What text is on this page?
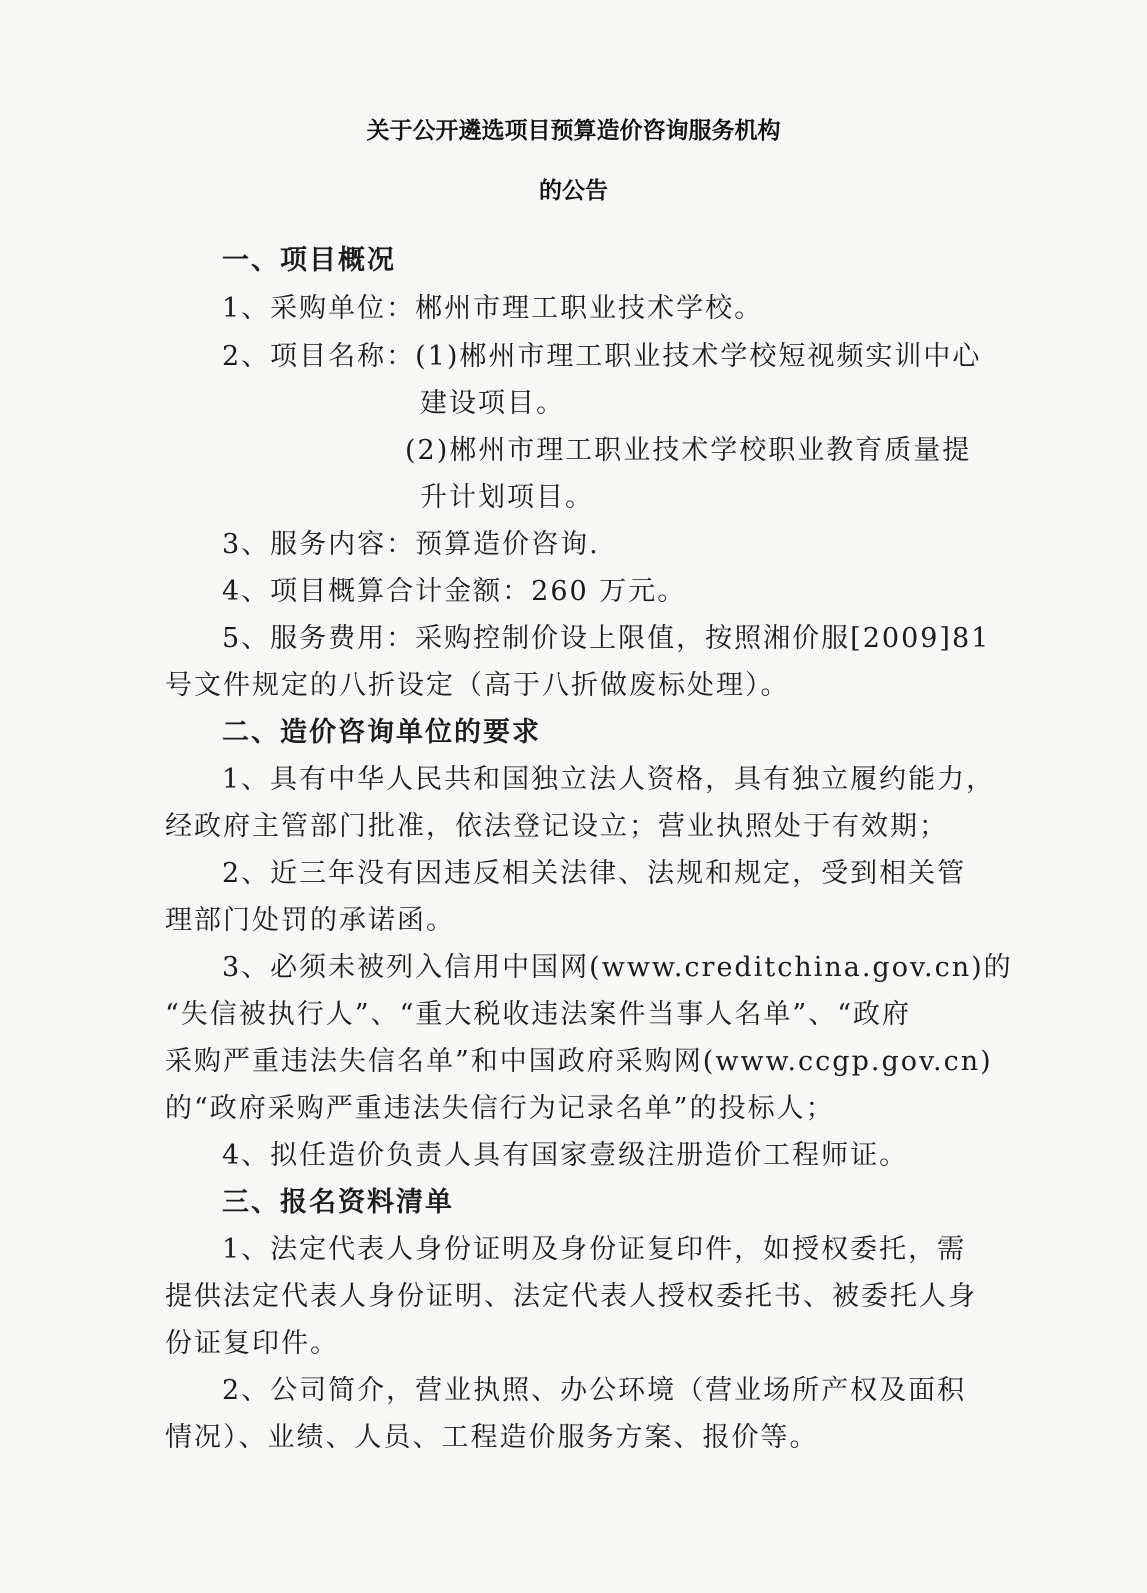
关于公开遴选项目预算造价咨询服务机构
的公告
一、项目概况
1、采购单位：郴州市理工职业技术学校。
2、项目名称：(1)郴州市理工职业技术学校短视频实训中心
建设项目。
(2)郴州市理工职业技术学校职业教育质量提
升计划项目。
3、服务内容：预算造价咨询.
4、项目概算合计金额：260 万元。
5、服务费用：采购控制价设上限值，按照湘价服[2009]81
号文件规定的八折设定（高于八折做废标处理）。
二、造价咨询单位的要求
1、具有中华人民共和国独立法人资格，具有独立履约能力，
经政府主管部门批准，依法登记设立；营业执照处于有效期；
2、近三年没有因违反相关法律、法规和规定，受到相关管
理部门处罚的承诺函。
3、必须未被列入信用中国网(www.creditchina.gov.cn)的
“失信被执行人”、“重大税收违法案件当事人名单”、“政府
采购严重违法失信名单”和中国政府采购网(www.ccgp.gov.cn)
的“政府采购严重违法失信行为记录名单”的投标人；
4、拟任造价负责人具有国家壹级注册造价工程师证。
三、报名资料清单
1、法定代表人身份证明及身份证复印件，如授权委托，需
提供法定代表人身份证明、法定代表人授权委托书、被委托人身
份证复印件。
2、公司简介，营业执照、办公环境（营业场所产权及面积
情况）、业绩、人员、工程造价服务方案、报价等。
